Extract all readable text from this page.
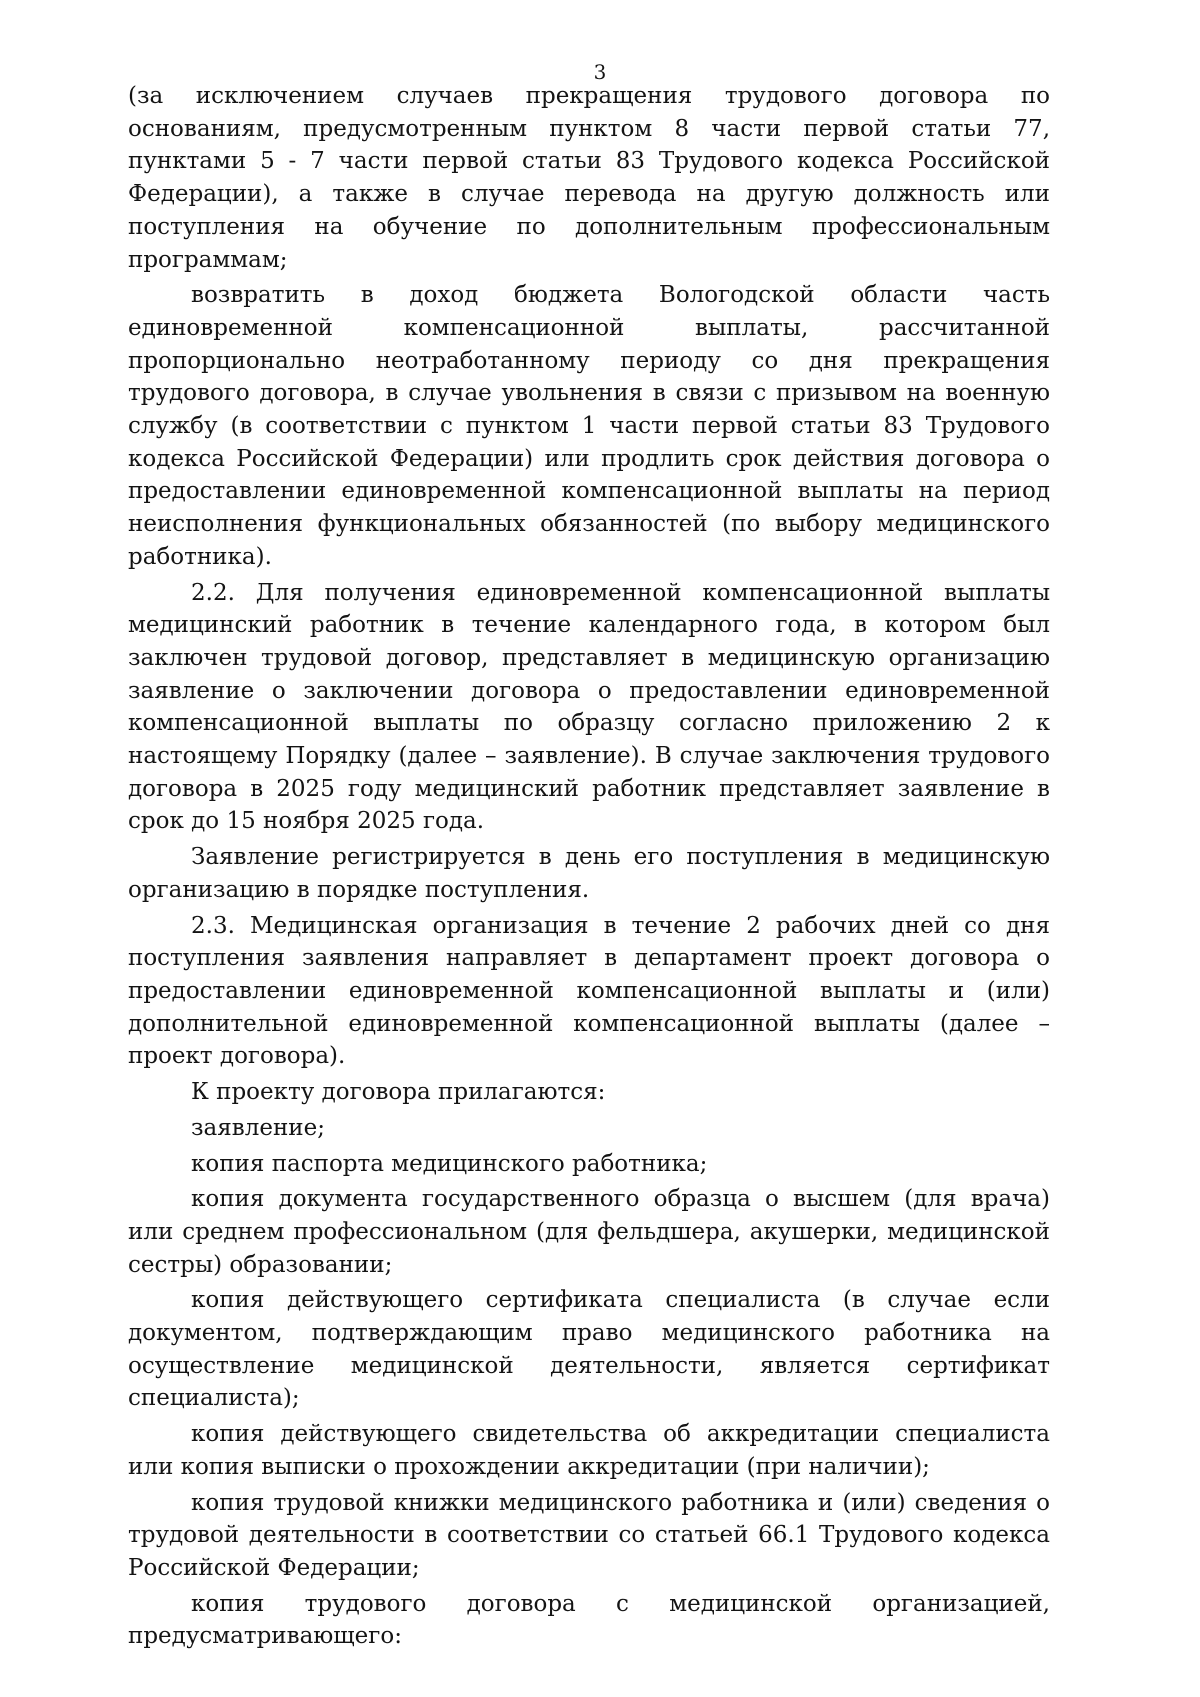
3

(за исключением случаев прекращения трудового договора по основаниям, предусмотренным пунктом 8 части первой статьи 77, пунктами 5 - 7 части первой статьи 83 Трудового кодекса Российской Федерации), а также в случае перевода на другую должность или поступления на обучение по дополнительным профессиональным программам;

возвратить в доход бюджета Вологодской области часть единовременной компенсационной выплаты, рассчитанной пропорционально неотработанному периоду со дня прекращения трудового договора, в случае увольнения в связи с призывом на военную службу (в соответствии с пунктом 1 части первой статьи 83 Трудового кодекса Российской Федерации) или продлить срок действия договора о предоставлении единовременной компенсационной выплаты на период неисполнения функциональных обязанностей (по выбору медицинского работника).

2.2. Для получения единовременной компенсационной выплаты медицинский работник в течение календарного года, в котором был заключен трудовой договор, представляет в медицинскую организацию заявление о заключении договора о предоставлении единовременной компенсационной выплаты по образцу согласно приложению 2 к настоящему Порядку (далее – заявление). В случае заключения трудового договора в 2025 году медицинский работник представляет заявление в срок до 15 ноября 2025 года.

Заявление регистрируется в день его поступления в медицинскую организацию в порядке поступления.

2.3. Медицинская организация в течение 2 рабочих дней со дня поступления заявления направляет в департамент проект договора о предоставлении единовременной компенсационной выплаты и (или) дополнительной единовременной компенсационной выплаты (далее – проект договора).

К проекту договора прилагаются:

заявление;

копия паспорта медицинского работника;

копия документа государственного образца о высшем (для врача) или среднем профессиональном (для фельдшера, акушерки, медицинской сестры) образовании;

копия действующего сертификата специалиста (в случае если документом, подтверждающим право медицинского работника на осуществление медицинской деятельности, является сертификат специалиста);

копия действующего свидетельства об аккредитации специалиста или копия выписки о прохождении аккредитации (при наличии);

копия трудовой книжки медицинского работника и (или) сведения о трудовой деятельности в соответствии со статьей 66.1 Трудового кодекса Российской Федерации;

копия трудового договора с медицинской организацией, предусматривающего:
